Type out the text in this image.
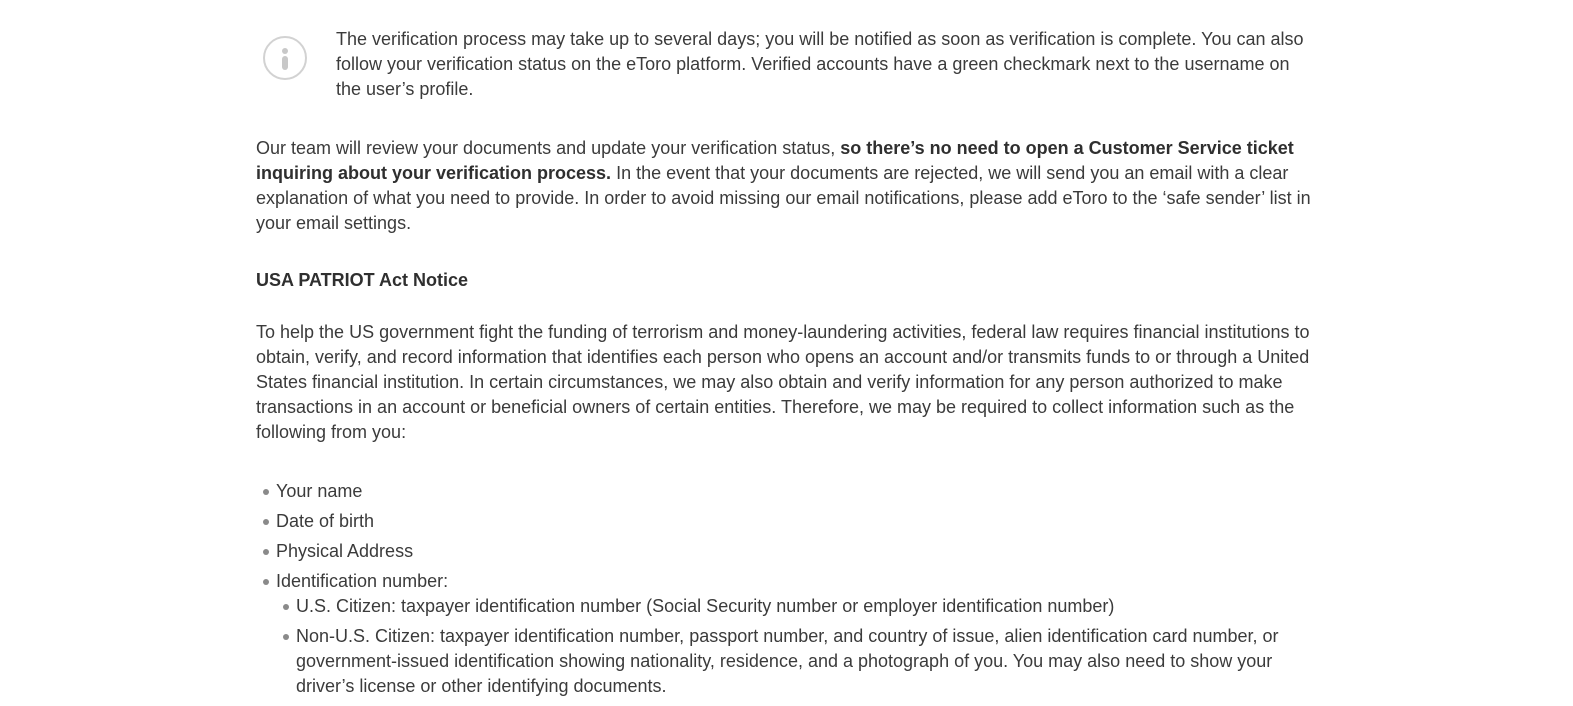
The verification process may take up to several days; you will be notified as soon as verification is complete. You can also follow your verification status on the eToro platform. Verified accounts have a green checkmark next to the username on the user’s profile.

Our team will review your documents and update your verification status, so there’s no need to open a Customer Service ticket inquiring about your verification process. In the event that your documents are rejected, we will send you an email with a clear explanation of what you need to provide. In order to avoid missing our email notifications, please add eToro to the ‘safe sender’ list in your email settings.

USA PATRIOT Act Notice

To help the US government fight the funding of terrorism and money-laundering activities, federal law requires financial institutions to obtain, verify, and record information that identifies each person who opens an account and/or transmits funds to or through a United States financial institution. In certain circumstances, we may also obtain and verify information for any person authorized to make transactions in an account or beneficial owners of certain entities. Therefore, we may be required to collect information such as the following from you:

Your name
Date of birth
Physical Address
Identification number:
U.S. Citizen: taxpayer identification number (Social Security number or employer identification number)
Non-U.S. Citizen: taxpayer identification number, passport number, and country of issue, alien identification card number, or government-issued identification showing nationality, residence, and a photograph of you. You may also need to show your driver’s license or other identifying documents.
